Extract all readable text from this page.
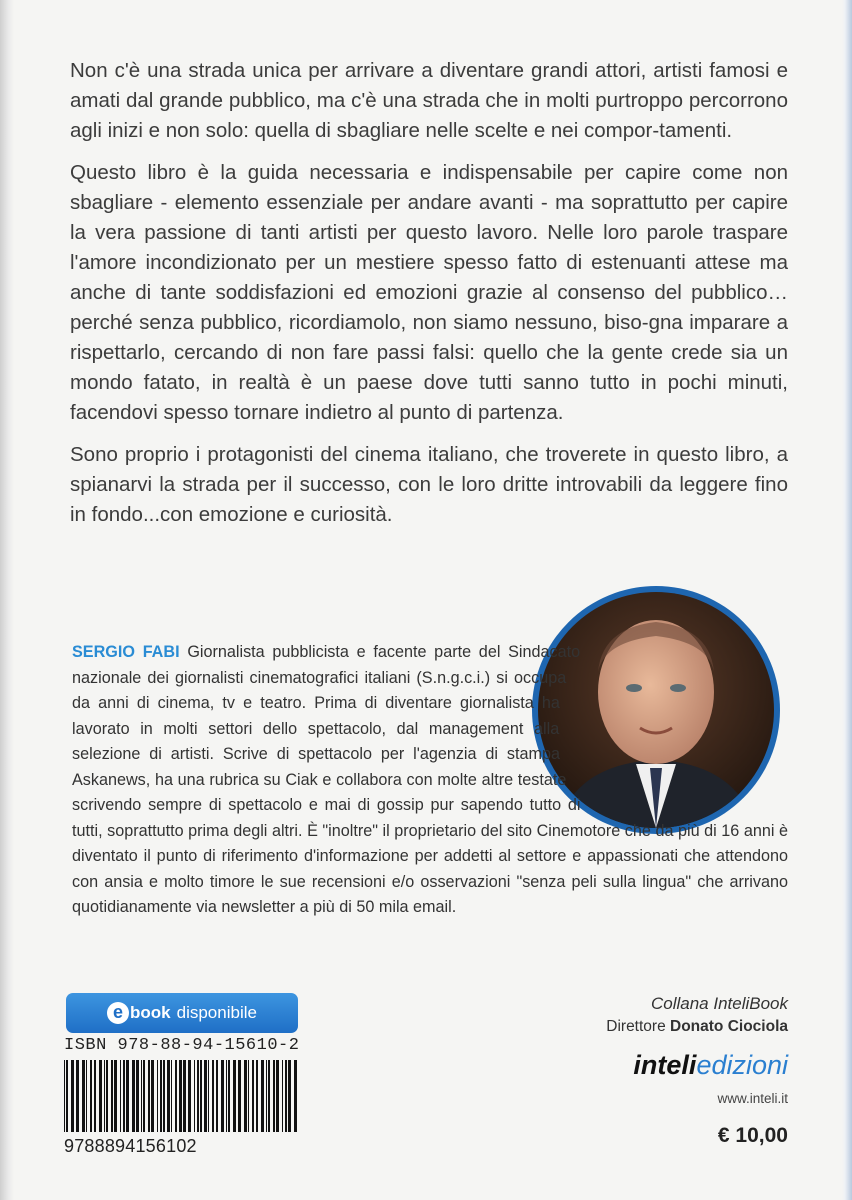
Non c'è una strada unica per arrivare a diventare grandi attori, artisti famosi e amati dal grande pubblico, ma c'è una strada che in molti purtroppo percorrono agli inizi e non solo: quella di sbagliare nelle scelte e nei compor-tamenti.

Questo libro è la guida necessaria e indispensabile per capire come non sbagliare - elemento essenziale per andare avanti - ma soprattutto per capire la vera passione di tanti artisti per questo lavoro. Nelle loro parole traspare l'amore incondizionato per un mestiere spesso fatto di estenuanti attese ma anche di tante soddisfazioni ed emozioni grazie al consenso del pubblico… perché senza pubblico, ricordiamolo, non siamo nessuno, biso-gna imparare a rispettarlo, cercando di non fare passi falsi: quello che la gente crede sia un mondo fatato, in realtà è un paese dove tutti sanno tutto in pochi minuti, facendovi spesso tornare indietro al punto di partenza.

Sono proprio i protagonisti del cinema italiano, che troverete in questo libro, a spianarvi la strada per il successo, con le loro dritte introvabili da leggere fino in fondo...con emozione e curiosità.

SERGIO FABI Giornalista pubblicista e facente parte del Sindacato nazionale dei giornalisti cinematografici italiani (S.n.g.c.i.) si occupa da anni di cinema, tv e teatro. Prima di diventare giornalista ha lavorato in molti settori dello spettacolo, dal management alla selezione di artisti. Scrive di spettacolo per l'agenzia di stampa Askanews, ha una rubrica su Ciak e collabora con molte altre testate scrivendo sempre di spettacolo e mai di gossip pur sapendo tutto di tutti, soprattutto prima degli altri. È "inoltre" il proprietario del sito Cinemotore che da più di 16 anni è diventato il punto di riferimento d'informazione per addetti al settore e appassionati che attendono con ansia e molto timore le sue recensioni e/o osservazioni "senza peli sulla lingua" che arrivano quotidianamente via newsletter a più di 50 mila email.
e book disponibile
ISBN 978-88-94-15610-2
9788894156102
Collana InteliBook
Direttore Donato Ciociola
inteliedizioni
www.inteli.it
€ 10,00
